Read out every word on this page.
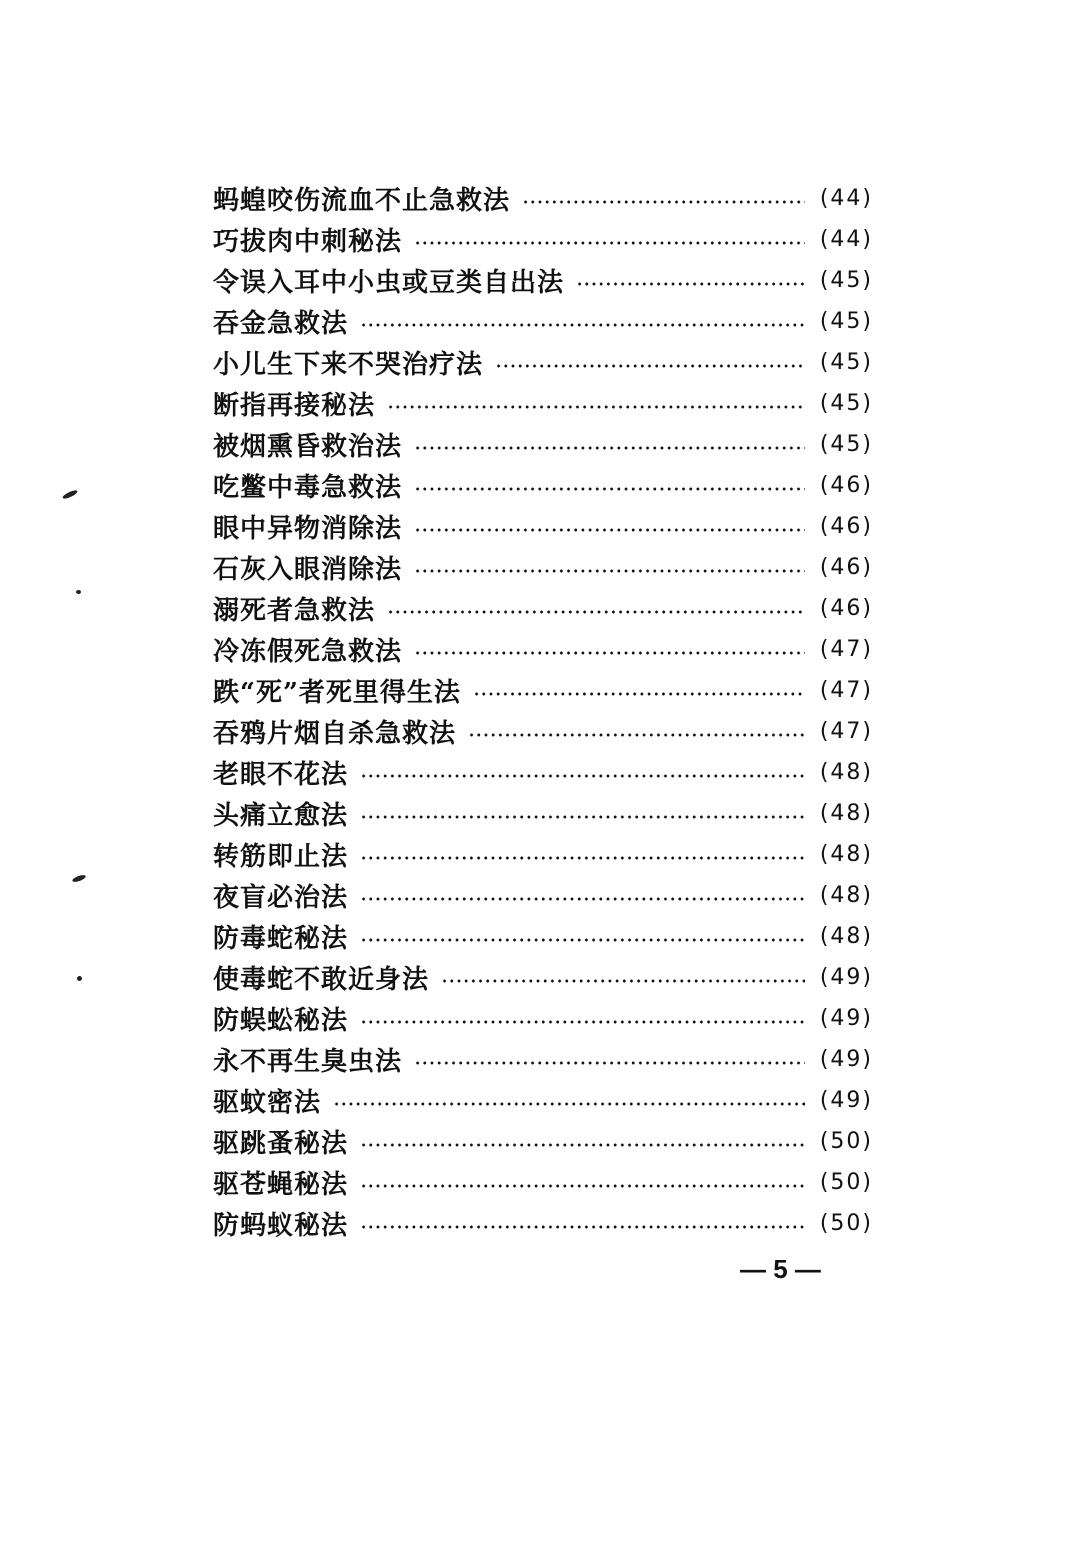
蚂蝗咬伤流血不止急救法	(44)
巧拔肉中刺秘法	(44)
令误入耳中小虫或豆类自出法	(45)
吞金急救法	(45)
小儿生下来不哭治疗法	(45)
断指再接秘法	(45)
被烟熏昏救治法	(45)
吃鳖中毒急救法	(46)
眼中异物消除法	(46)
石灰入眼消除法	(46)
溺死者急救法	(46)
冷冻假死急救法	(47)
跌“死”者死里得生法	(47)
吞鸦片烟自杀急救法	(47)
老眼不花法	(48)
头痛立愈法	(48)
转筋即止法	(48)
夜盲必治法	(48)
防毒蛇秘法	(48)
使毒蛇不敢近身法	(49)
防蜈蚣秘法	(49)
永不再生臭虫法	(49)
驱蚊密法	(49)
驱跳蚤秘法	(50)
驱苍蝇秘法	(50)
防蚂蚁秘法	(50)
— 5 —
